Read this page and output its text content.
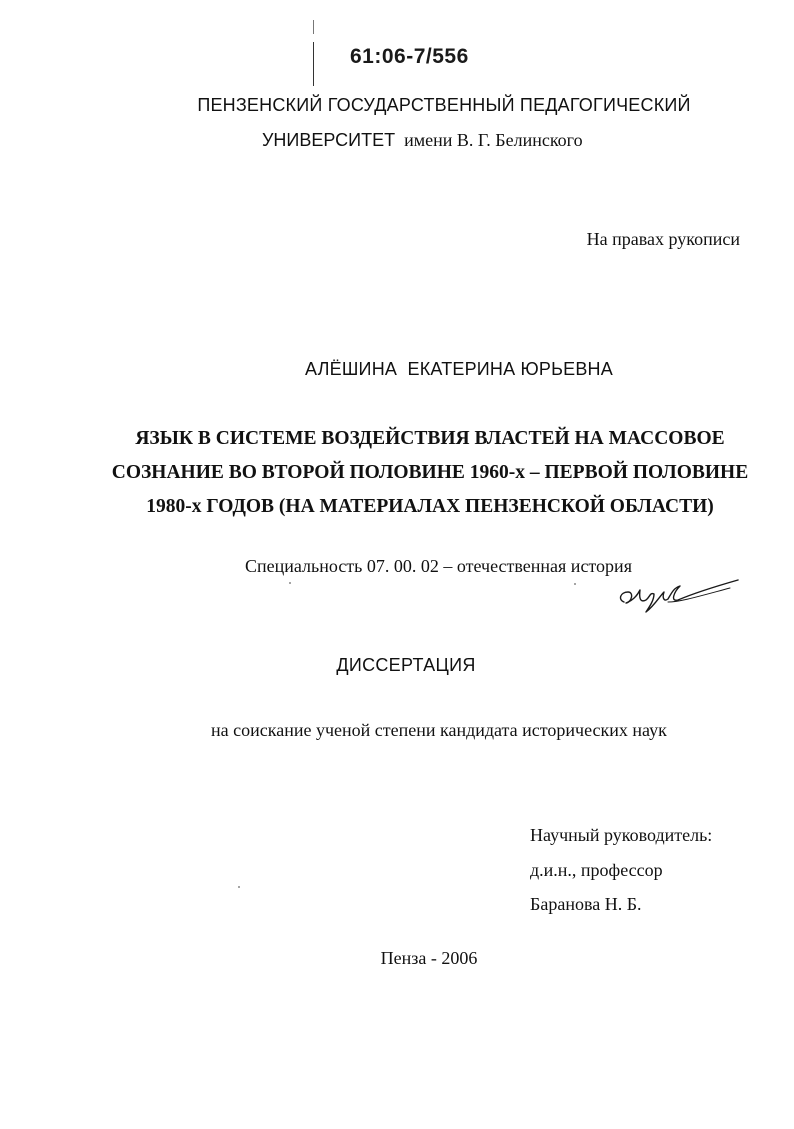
61:06-7/556
ПЕНЗЕНСКИЙ ГОСУДАРСТВЕННЫЙ ПЕДАГОГИЧЕСКИЙ
УНИВЕРСИТЕТ имени В. Г. Белинского
На правах рукописи
АЛЁШИНА  ЕКАТЕРИНА ЮРЬЕВНА
ЯЗЫК В СИСТЕМЕ ВОЗДЕЙСТВИЯ ВЛАСТЕЙ НА МАССОВОЕ
СОЗНАНИЕ ВО ВТОРОЙ ПОЛОВИНЕ 1960-х – ПЕРВОЙ ПОЛОВИНЕ
1980-х ГОДОВ (НА МАТЕРИАЛАХ ПЕНЗЕНСКОЙ ОБЛАСТИ)
Специальность 07. 00. 02 – отечественная история
ДИССЕРТАЦИЯ
на соискание ученой степени кандидата исторических наук
Научный руководитель:
д.и.н., профессор
Баранова Н. Б.
Пенза - 2006
